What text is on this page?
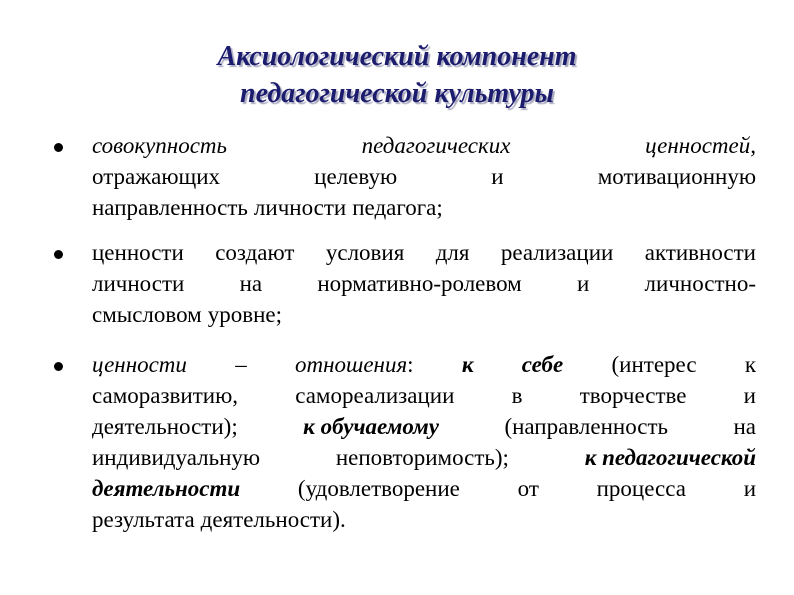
Аксиологический компонент
педагогической культуры
совокупность	педагогических	ценностей,
отражающих	целевую	и	мотивационную
направленность личности педагога;
ценности создают условия для реализации активности
личности на нормативно-ролевом и личностно-
смысловом уровне;
ценности – отношения: к себе (интерес к
саморазвитию, самореализации в творчестве и
деятельности);	к обучаемому	(направленность	на
индивидуальную	неповторимость);	к педагогической
деятельности	(удовлетворение	от	процесса	и
результата деятельности).
